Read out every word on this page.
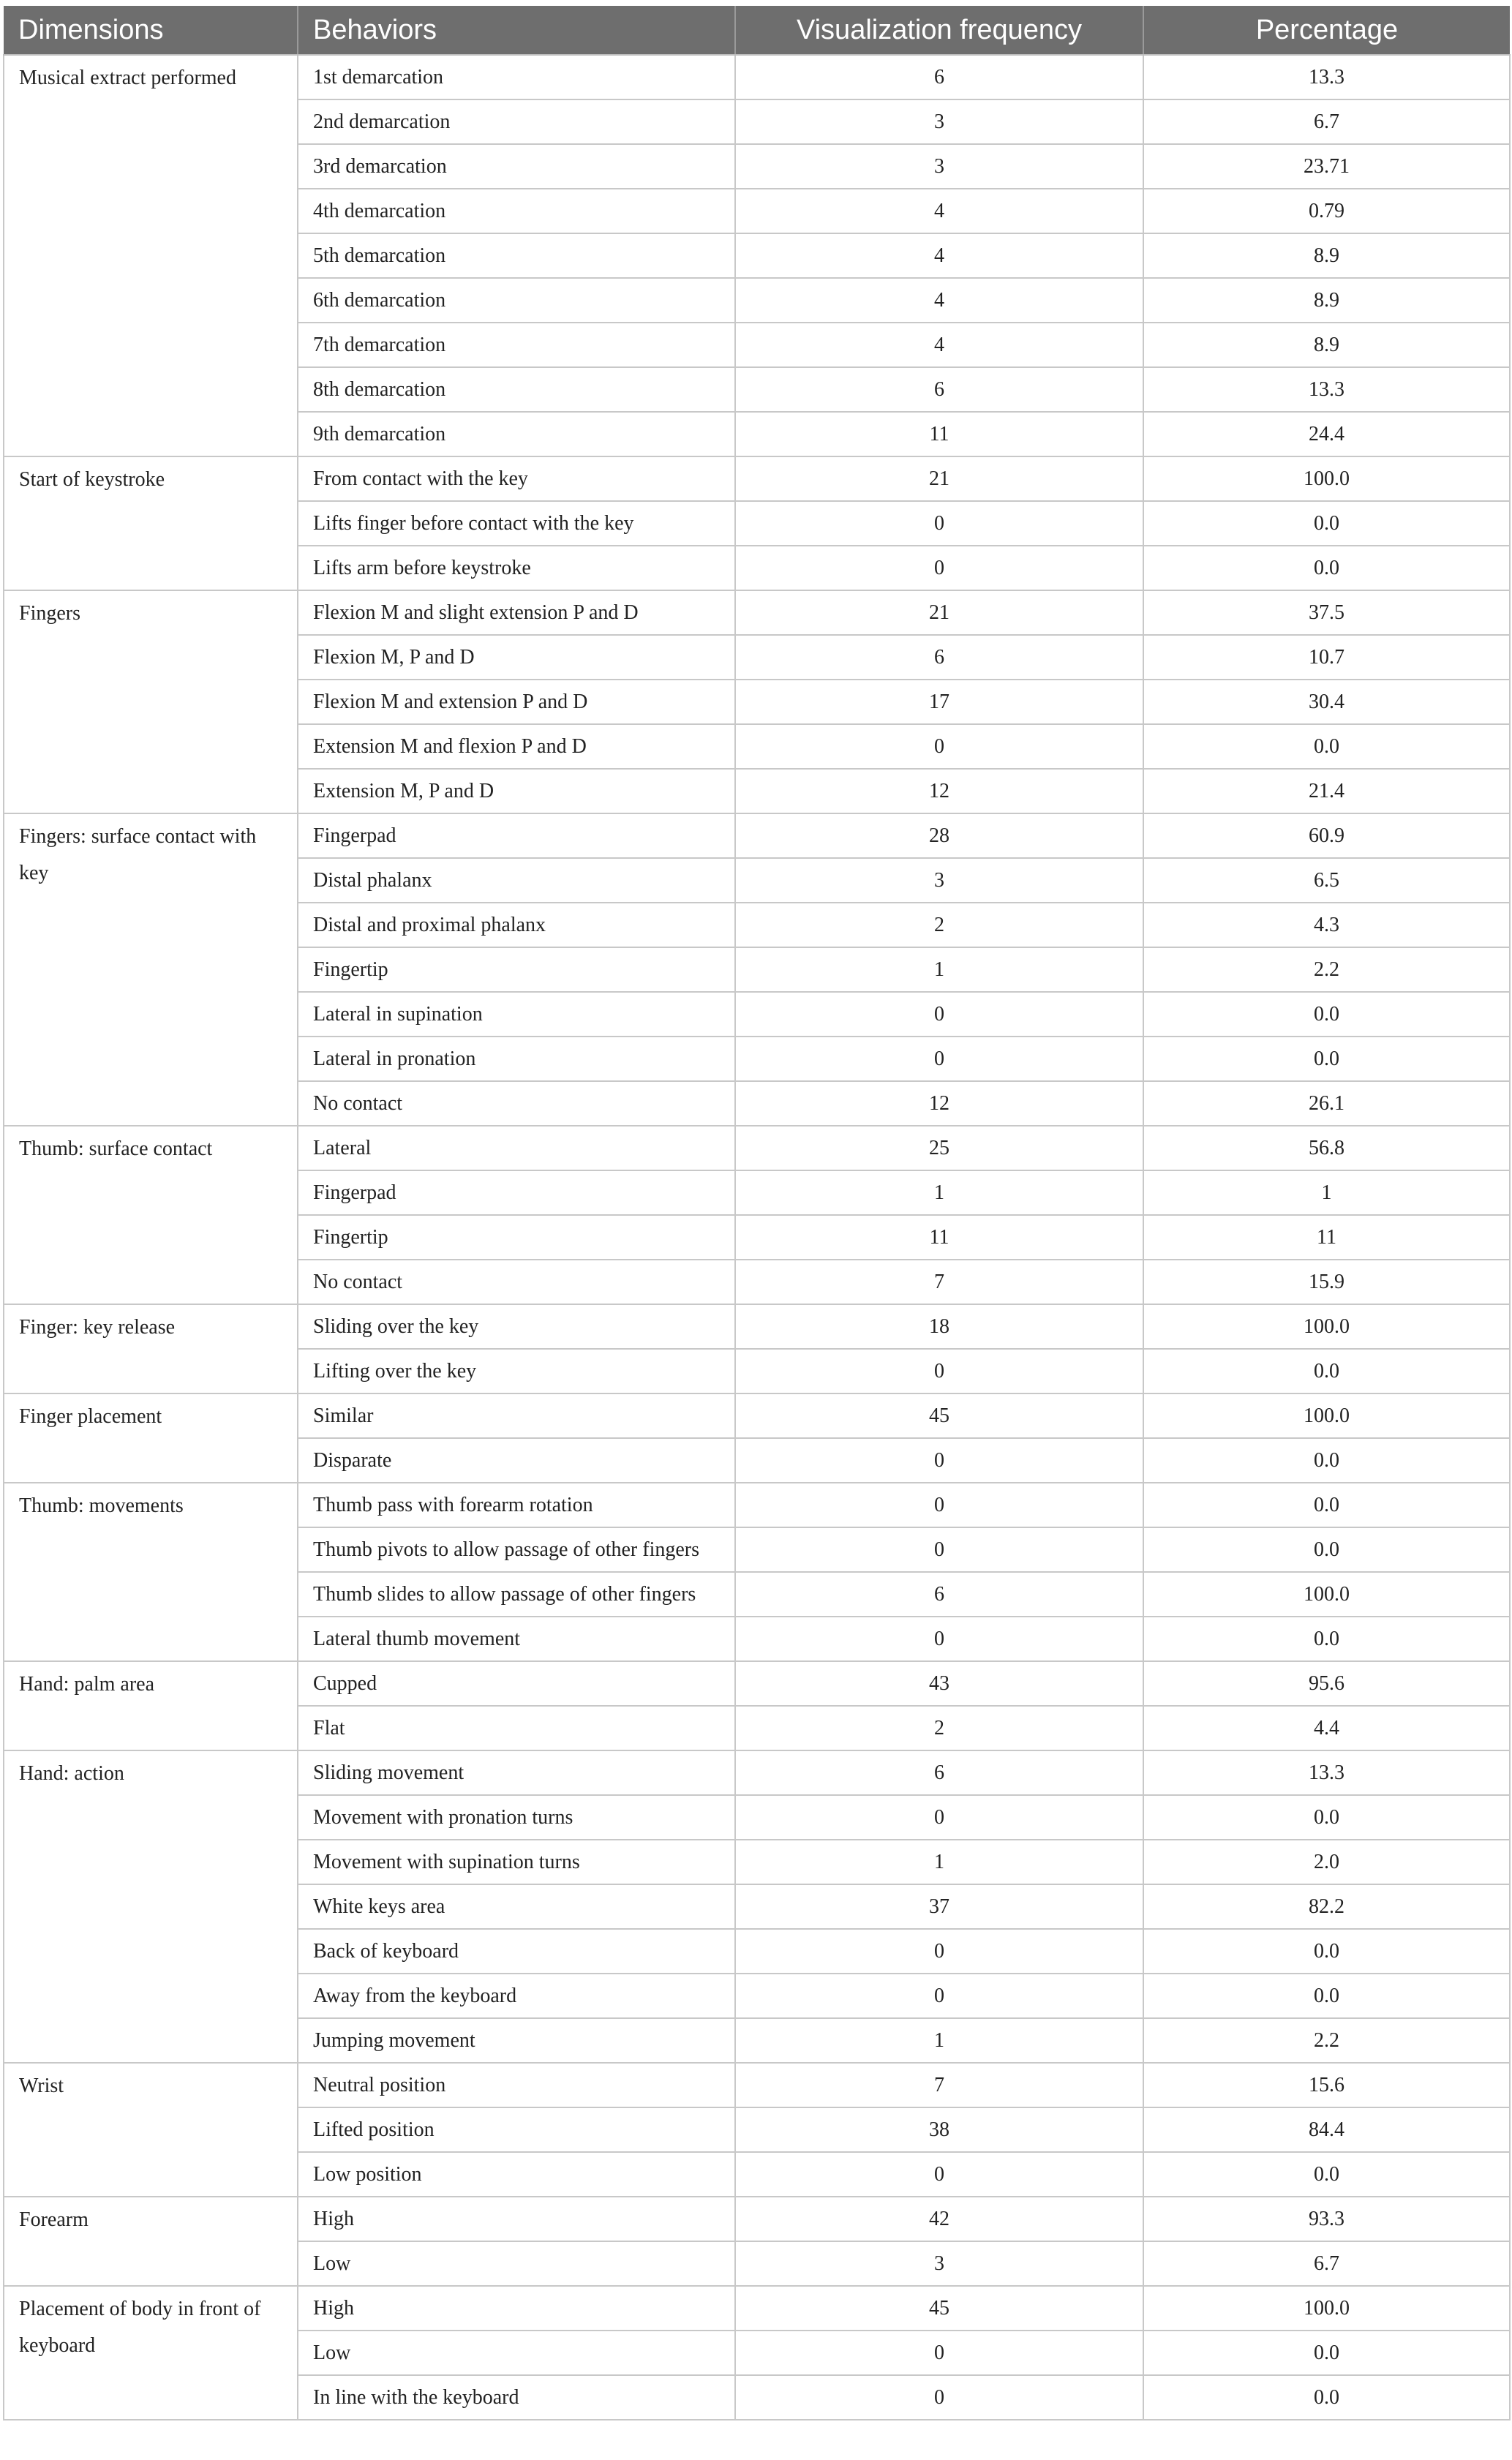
Dimensions	Behaviors	Visualization frequency	Percentage
Musical extract performed	1st demarcation	6	13.3
	2nd demarcation	3	6.7
	3rd demarcation	3	23.71
	4th demarcation	4	0.79
	5th demarcation	4	8.9
	6th demarcation	4	8.9
	7th demarcation	4	8.9
	8th demarcation	6	13.3
	9th demarcation	11	24.4
Start of keystroke	From contact with the key	21	100.0
	Lifts finger before contact with the key	0	0.0
	Lifts arm before keystroke	0	0.0
Fingers	Flexion M and slight extension P and D	21	37.5
	Flexion M, P and D	6	10.7
	Flexion M and extension P and D	17	30.4
	Extension M and flexion P and D	0	0.0
	Extension M, P and D	12	21.4
Fingers: surface contact with key	Fingerpad	28	60.9
	Distal phalanx	3	6.5
	Distal and proximal phalanx	2	4.3
	Fingertip	1	2.2
	Lateral in supination	0	0.0
	Lateral in pronation	0	0.0
	No contact	12	26.1
Thumb: surface contact	Lateral	25	56.8
	Fingerpad	1	1
	Fingertip	11	11
	No contact	7	15.9
Finger: key release	Sliding over the key	18	100.0
	Lifting over the key	0	0.0
Finger placement	Similar	45	100.0
	Disparate	0	0.0
Thumb: movements	Thumb pass with forearm rotation	0	0.0
	Thumb pivots to allow passage of other fingers	0	0.0
	Thumb slides to allow passage of other fingers	6	100.0
	Lateral thumb movement	0	0.0
Hand: palm area	Cupped	43	95.6
	Flat	2	4.4
Hand: action	Sliding movement	6	13.3
	Movement with pronation turns	0	0.0
	Movement with supination turns	1	2.0
	White keys area	37	82.2
	Back of keyboard	0	0.0
	Away from the keyboard	0	0.0
	Jumping movement	1	2.2
Wrist	Neutral position	7	15.6
	Lifted position	38	84.4
	Low position	0	0.0
Forearm	High	42	93.3
	Low	3	6.7
Placement of body in front of keyboard	High	45	100.0
	Low	0	0.0
	In line with the keyboard	0	0.0
